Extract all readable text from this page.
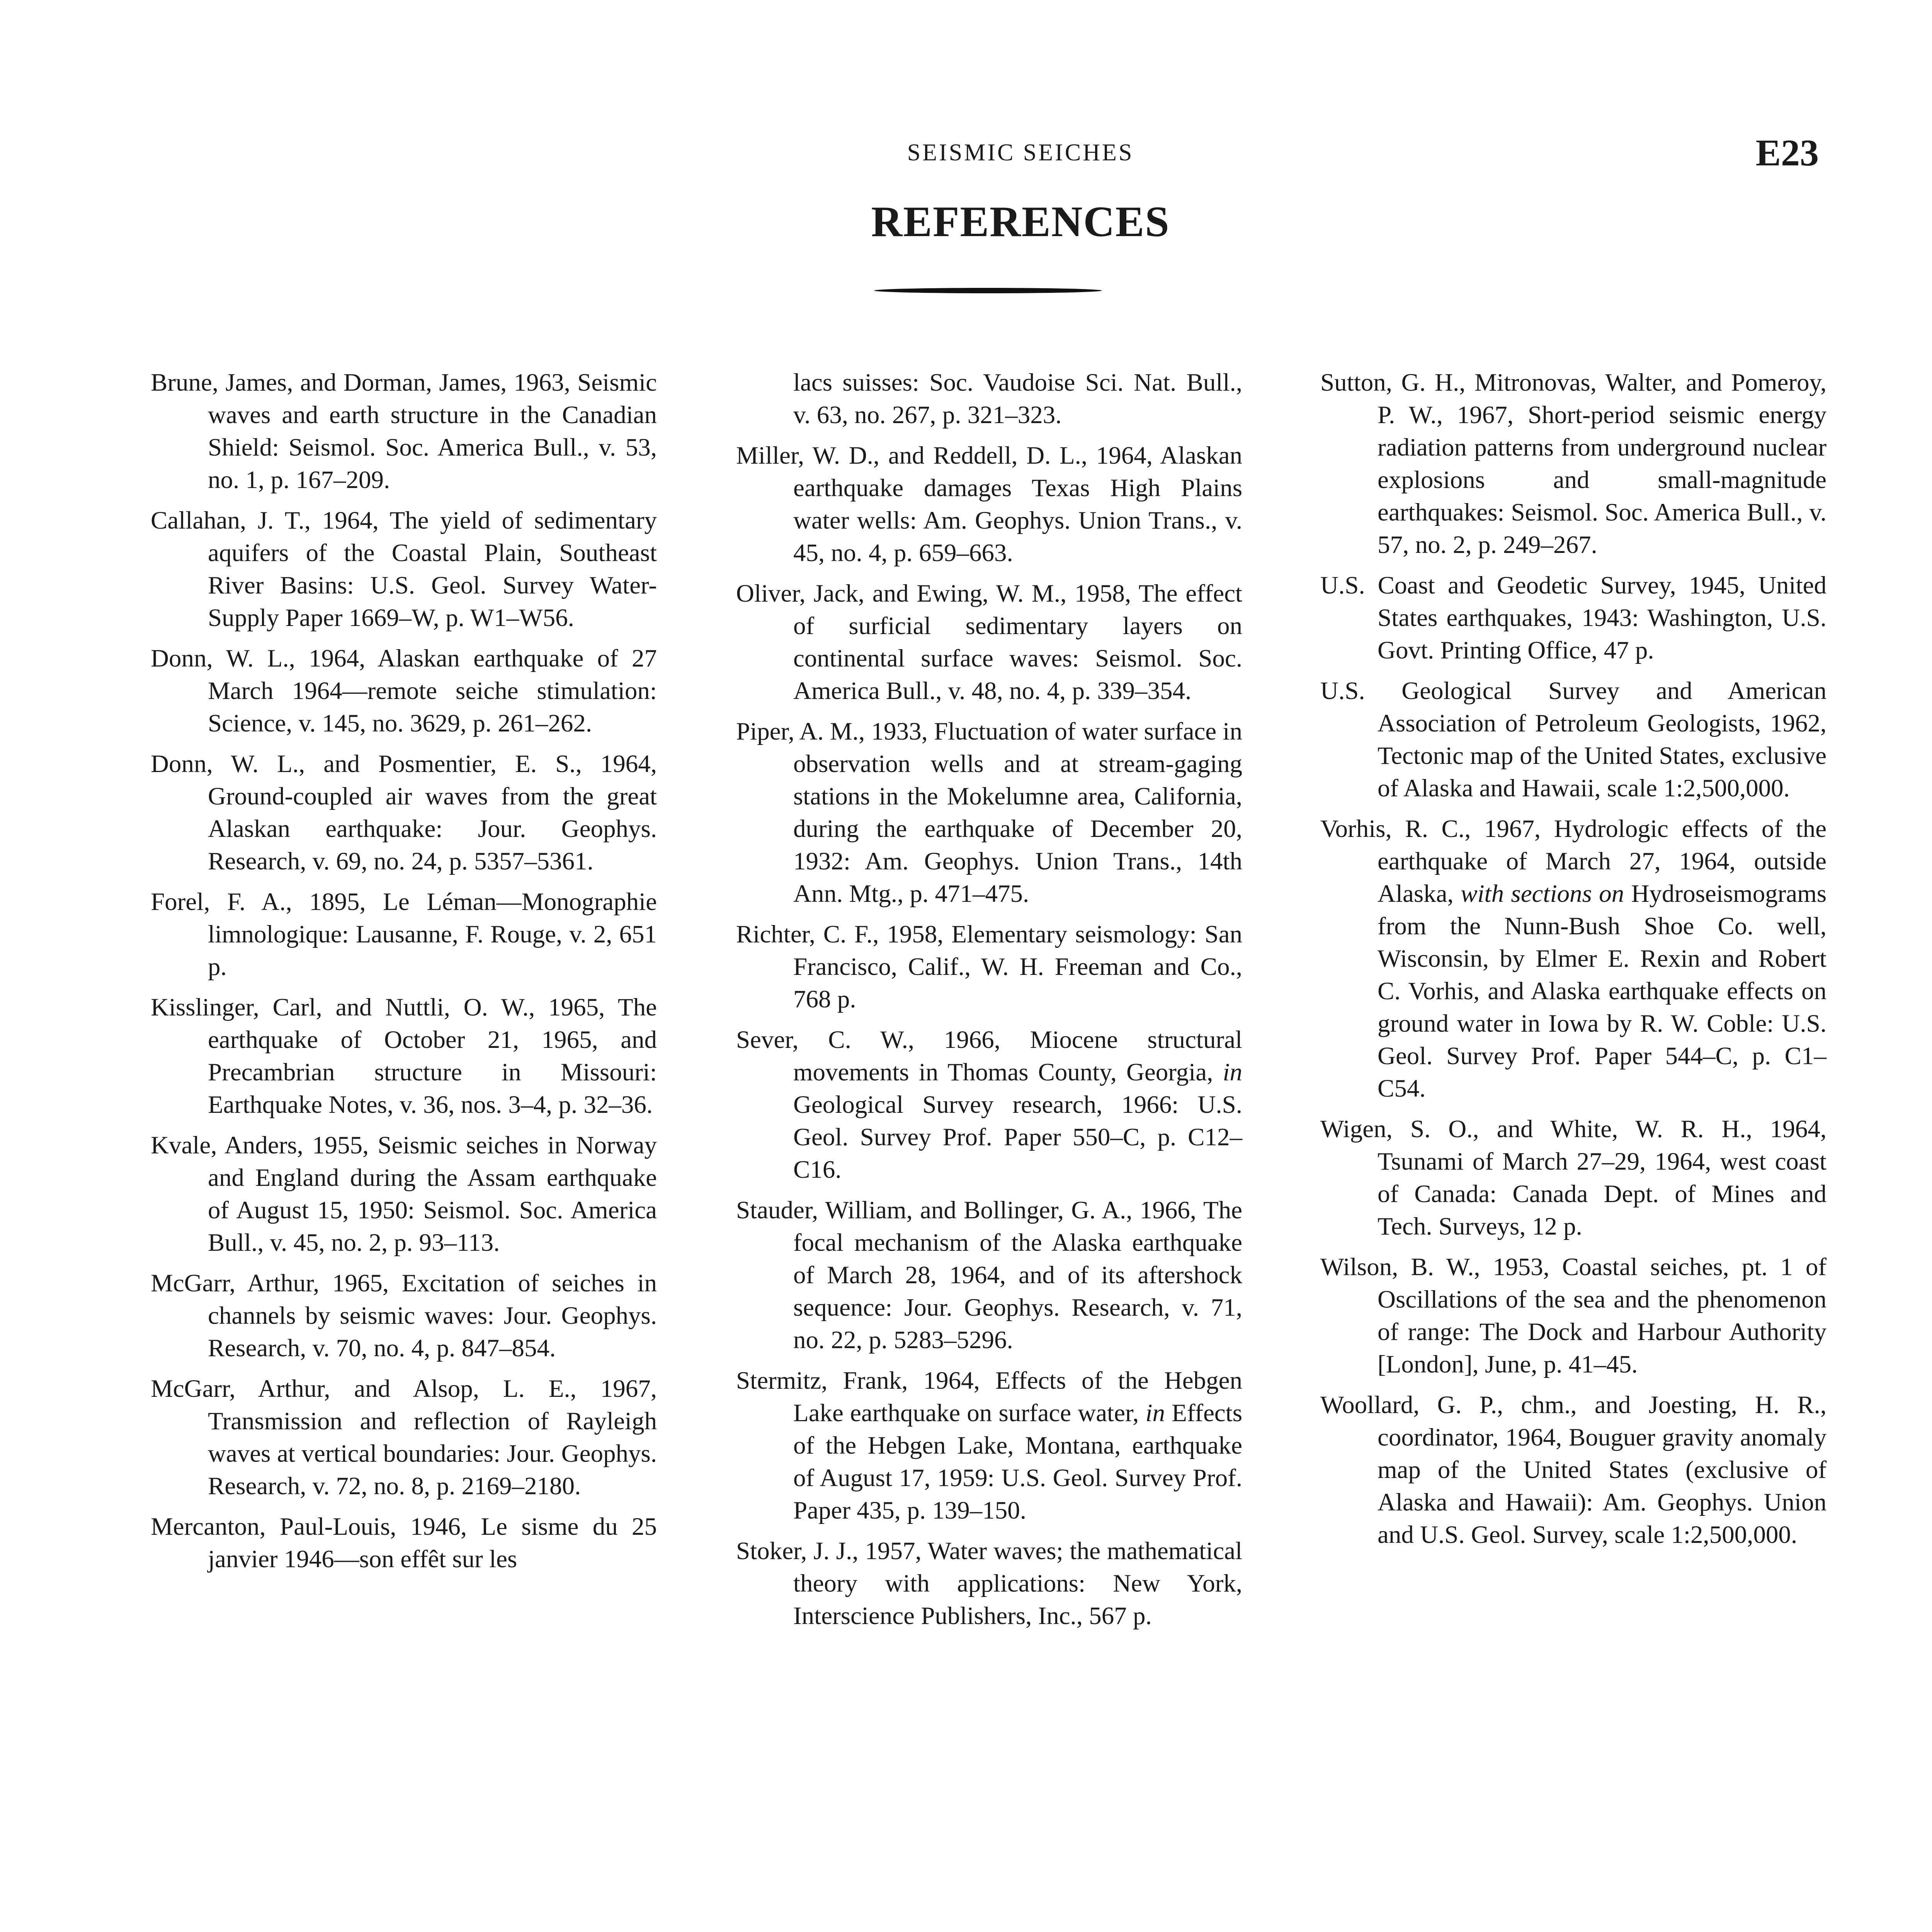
SEISMIC SEICHES	E23
REFERENCES

Brune, James, and Dorman, James, 1963, Seismic waves and earth structure in the Canadian Shield: Seismol. Soc. America Bull., v. 53, no. 1, p. 167–209.

Callahan, J. T., 1964, The yield of sedimentary aquifers of the Coastal Plain, Southeast River Basins: U.S. Geol. Survey Water-Supply Paper 1669–W, p. W1–W56.

Donn, W. L., 1964, Alaskan earthquake of 27 March 1964—remote seiche stimulation: Science, v. 145, no. 3629, p. 261–262.

Donn, W. L., and Posmentier, E. S., 1964, Ground-coupled air waves from the great Alaskan earthquake: Jour. Geophys. Research, v. 69, no. 24, p. 5357–5361.

Forel, F. A., 1895, Le Léman—Monographie limnologique: Lausanne, F. Rouge, v. 2, 651 p.

Kisslinger, Carl, and Nuttli, O. W., 1965, The earthquake of October 21, 1965, and Precambrian structure in Missouri: Earthquake Notes, v. 36, nos. 3–4, p. 32–36.

Kvale, Anders, 1955, Seismic seiches in Norway and England during the Assam earthquake of August 15, 1950: Seismol. Soc. America Bull., v. 45, no. 2, p. 93–113.

McGarr, Arthur, 1965, Excitation of seiches in channels by seismic waves: Jour. Geophys. Research, v. 70, no. 4, p. 847–854.

McGarr, Arthur, and Alsop, L. E., 1967, Transmission and reflection of Rayleigh waves at vertical boundaries: Jour. Geophys. Research, v. 72, no. 8, p. 2169–2180.

Mercanton, Paul-Louis, 1946, Le sisme du 25 janvier 1946—son effêt sur les

lacs suisses: Soc. Vaudoise Sci. Nat. Bull., v. 63, no. 267, p. 321–323.

Miller, W. D., and Reddell, D. L., 1964, Alaskan earthquake damages Texas High Plains water wells: Am. Geophys. Union Trans., v. 45, no. 4, p. 659–663.

Oliver, Jack, and Ewing, W. M., 1958, The effect of surficial sedimentary layers on continental surface waves: Seismol. Soc. America Bull., v. 48, no. 4, p. 339–354.

Piper, A. M., 1933, Fluctuation of water surface in observation wells and at stream-gaging stations in the Mokelumne area, California, during the earthquake of December 20, 1932: Am. Geophys. Union Trans., 14th Ann. Mtg., p. 471–475.

Richter, C. F., 1958, Elementary seismology: San Francisco, Calif., W. H. Freeman and Co., 768 p.

Sever, C. W., 1966, Miocene structural movements in Thomas County, Georgia, in Geological Survey research, 1966: U.S. Geol. Survey Prof. Paper 550–C, p. C12–C16.

Stauder, William, and Bollinger, G. A., 1966, The focal mechanism of the Alaska earthquake of March 28, 1964, and of its aftershock sequence: Jour. Geophys. Research, v. 71, no. 22, p. 5283–5296.

Stermitz, Frank, 1964, Effects of the Hebgen Lake earthquake on surface water, in Effects of the Hebgen Lake, Montana, earthquake of August 17, 1959: U.S. Geol. Survey Prof. Paper 435, p. 139–150.

Stoker, J. J., 1957, Water waves; the mathematical theory with applications: New York, Interscience Publishers, Inc., 567 p.

Sutton, G. H., Mitronovas, Walter, and Pomeroy, P. W., 1967, Short-period seismic energy radiation patterns from underground nuclear explosions and small-magnitude earthquakes: Seismol. Soc. America Bull., v. 57, no. 2, p. 249–267.

U.S. Coast and Geodetic Survey, 1945, United States earthquakes, 1943: Washington, U.S. Govt. Printing Office, 47 p.

U.S. Geological Survey and American Association of Petroleum Geologists, 1962, Tectonic map of the United States, exclusive of Alaska and Hawaii, scale 1:2,500,000.

Vorhis, R. C., 1967, Hydrologic effects of the earthquake of March 27, 1964, outside Alaska, with sections on Hydroseismograms from the Nunn-Bush Shoe Co. well, Wisconsin, by Elmer E. Rexin and Robert C. Vorhis, and Alaska earthquake effects on ground water in Iowa by R. W. Coble: U.S. Geol. Survey Prof. Paper 544–C, p. C1–C54.

Wigen, S. O., and White, W. R. H., 1964, Tsunami of March 27–29, 1964, west coast of Canada: Canada Dept. of Mines and Tech. Surveys, 12 p.

Wilson, B. W., 1953, Coastal seiches, pt. 1 of Oscillations of the sea and the phenomenon of range: The Dock and Harbour Authority [London], June, p. 41–45.

Woollard, G. P., chm., and Joesting, H. R., coordinator, 1964, Bouguer gravity anomaly map of the United States (exclusive of Alaska and Hawaii): Am. Geophys. Union and U.S. Geol. Survey, scale 1:2,500,000.
